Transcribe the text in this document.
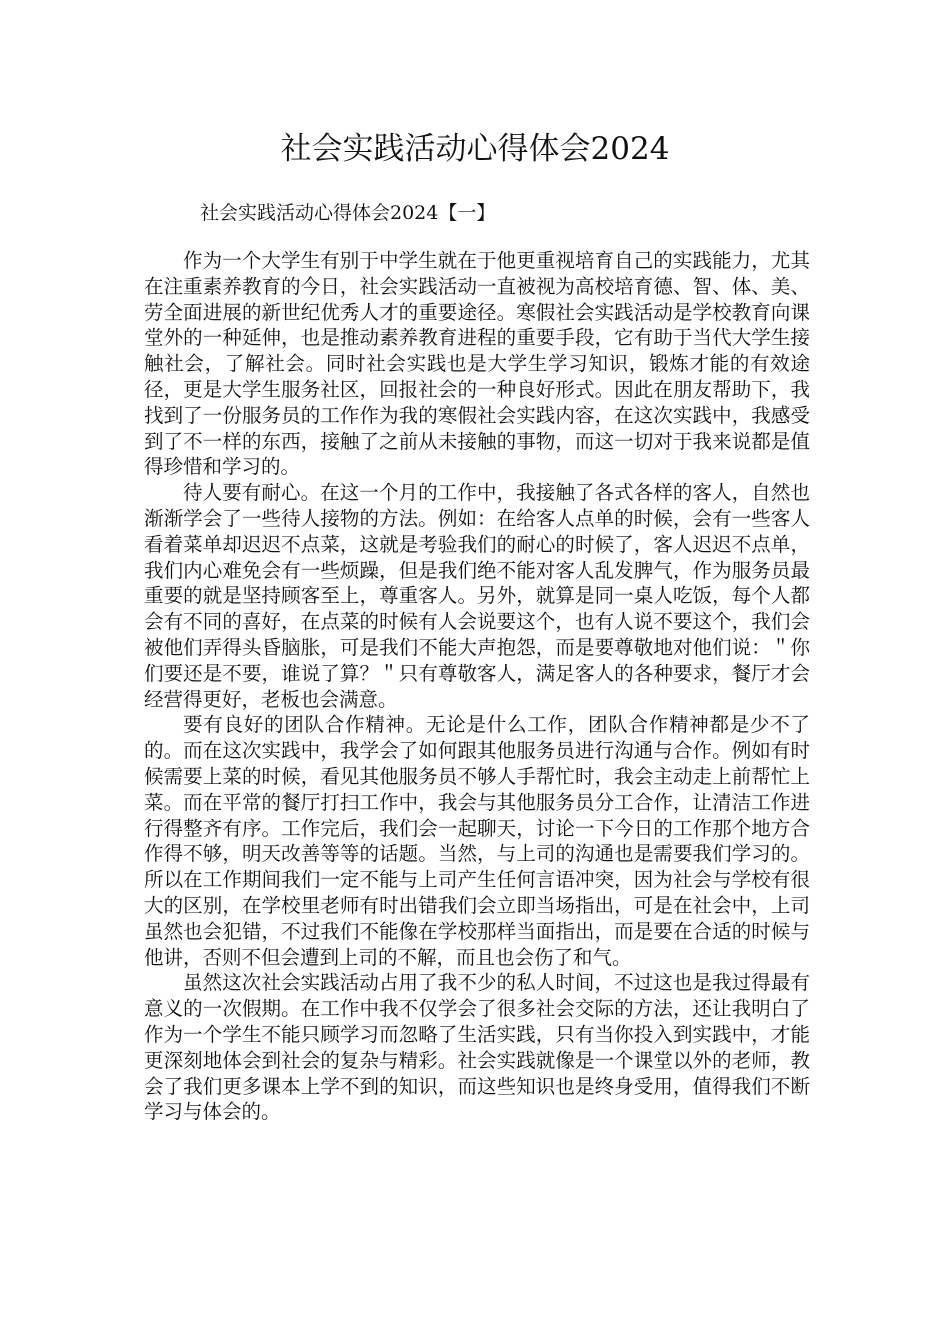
社会实践活动心得体会2024

社会实践活动心得体会2024【一】

作为一个大学生有别于中学生就在于他更重视培育自己的实践能力，尤其在注重素养教育的今日，社会实践活动一直被视为高校培育德、智、体、美、劳全面进展的新世纪优秀人才的重要途径。寒假社会实践活动是学校教育向课堂外的一种延伸，也是推动素养教育进程的重要手段，它有助于当代大学生接触社会，了解社会。同时社会实践也是大学生学习知识，锻炼才能的有效途径，更是大学生服务社区，回报社会的一种良好形式。因此在朋友帮助下，我找到了一份服务员的工作作为我的寒假社会实践内容，在这次实践中，我感受到了不一样的东西，接触了之前从未接触的事物，而这一切对于我来说都是值得珍惜和学习的。

待人要有耐心。在这一个月的工作中，我接触了各式各样的客人，自然也渐渐学会了一些待人接物的方法。例如：在给客人点单的时候，会有一些客人看着菜单却迟迟不点菜，这就是考验我们的耐心的时候了，客人迟迟不点单，我们内心难免会有一些烦躁，但是我们绝不能对客人乱发脾气，作为服务员最重要的就是坚持顾客至上，尊重客人。另外，就算是同一桌人吃饭，每个人都会有不同的喜好，在点菜的时候有人会说要这个，也有人说不要这个，我们会被他们弄得头昏脑胀，可是我们不能大声抱怨，而是要尊敬地对他们说：＂你们要还是不要，谁说了算？＂只有尊敬客人，满足客人的各种要求，餐厅才会经营得更好，老板也会满意。

要有良好的团队合作精神。无论是什么工作，团队合作精神都是少不了的。而在这次实践中，我学会了如何跟其他服务员进行沟通与合作。例如有时候需要上菜的时候，看见其他服务员不够人手帮忙时，我会主动走上前帮忙上菜。而在平常的餐厅打扫工作中，我会与其他服务员分工合作，让清洁工作进行得整齐有序。工作完后，我们会一起聊天，讨论一下今日的工作那个地方合作得不够，明天改善等等的话题。当然，与上司的沟通也是需要我们学习的。所以在工作期间我们一定不能与上司产生任何言语冲突，因为社会与学校有很大的区别，在学校里老师有时出错我们会立即当场指出，可是在社会中，上司虽然也会犯错，不过我们不能像在学校那样当面指出，而是要在合适的时候与他讲，否则不但会遭到上司的不解，而且也会伤了和气。

虽然这次社会实践活动占用了我不少的私人时间，不过这也是我过得最有意义的一次假期。在工作中我不仅学会了很多社会交际的方法，还让我明白了作为一个学生不能只顾学习而忽略了生活实践，只有当你投入到实践中，才能更深刻地体会到社会的复杂与精彩。社会实践就像是一个课堂以外的老师，教会了我们更多课本上学不到的知识，而这些知识也是终身受用，值得我们不断学习与体会的。
